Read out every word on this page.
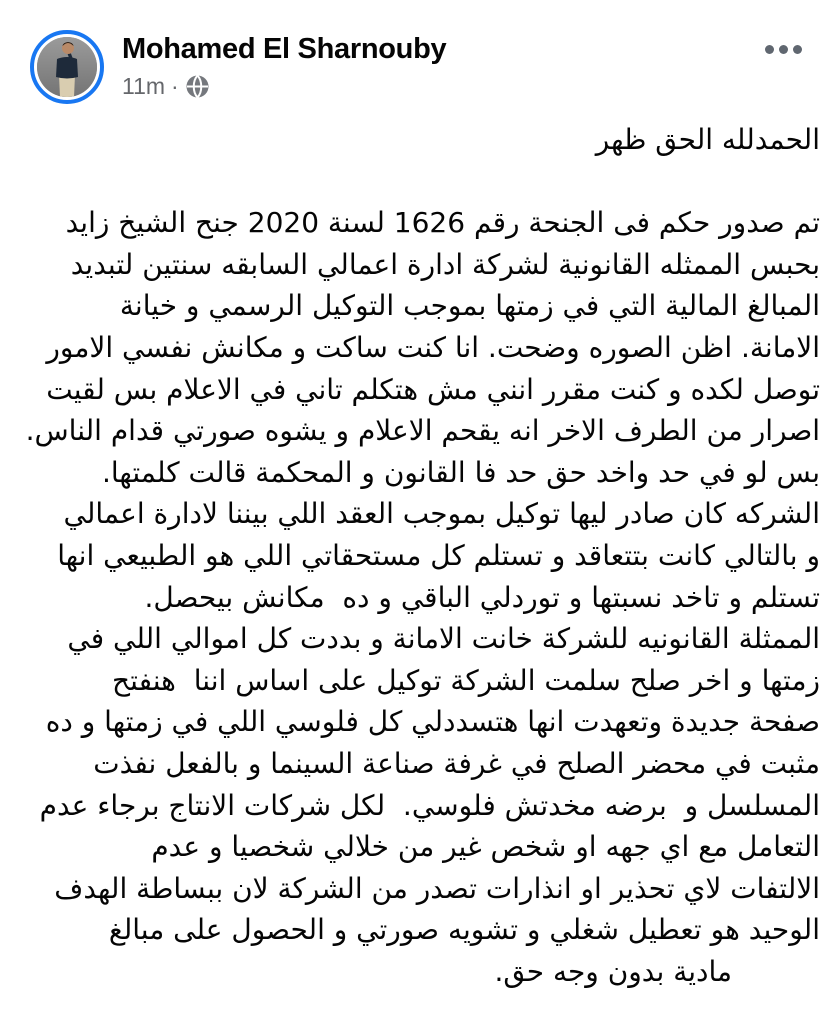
Mohamed El Sharnouby
11m ·
الحمدلله الحق ظهر
تم صدور حكم فى الجنحة رقم 1626 لسنة 2020 جنح الشيخ زايد
بحبس الممثله القانونية لشركة ادارة اعمالي السابقه سنتين لتبديد
المبالغ المالية التي في زمتها بموجب التوكيل الرسمي و خيانة
الامانة. اظن الصوره وضحت. انا كنت ساكت و مكانش نفسي الامور
توصل لكده و كنت مقرر انني مش هتكلم تاني في الاعلام بس لقيت
اصرار من الطرف الاخر انه يقحم الاعلام و يشوه صورتي قدام الناس.
بس لو في حد واخد حق حد فا القانون و المحكمة قالت كلمتها.
الشركه كان صادر ليها توكيل بموجب العقد اللي بيننا لادارة اعمالي
و بالتالي كانت بتتعاقد و تستلم كل مستحقاتي اللي هو الطبيعي انها
تستلم و تاخد نسبتها و توردلي الباقي و ده  مكانش بيحصل.
الممثلة القانونيه للشركة خانت الامانة و بددت كل اموالي اللي في
زمتها و اخر صلح سلمت الشركة توكيل على اساس اننا  هنفتح
صفحة جديدة وتعهدت انها هتسددلي كل فلوسي اللي في زمتها و ده
مثبت في محضر الصلح في غرفة صناعة السينما و بالفعل نفذت
المسلسل و  برضه مخدتش فلوسي.  لكل شركات الانتاج برجاء عدم
التعامل مع اي جهه او شخص غير من خلالي شخصيا و عدم
الالتفات لاي تحذير او انذارات تصدر من الشركة لان ببساطة الهدف
الوحيد هو تعطيل شغلي و تشويه صورتي و الحصول على مبالغ
مادية بدون وجه حق.
